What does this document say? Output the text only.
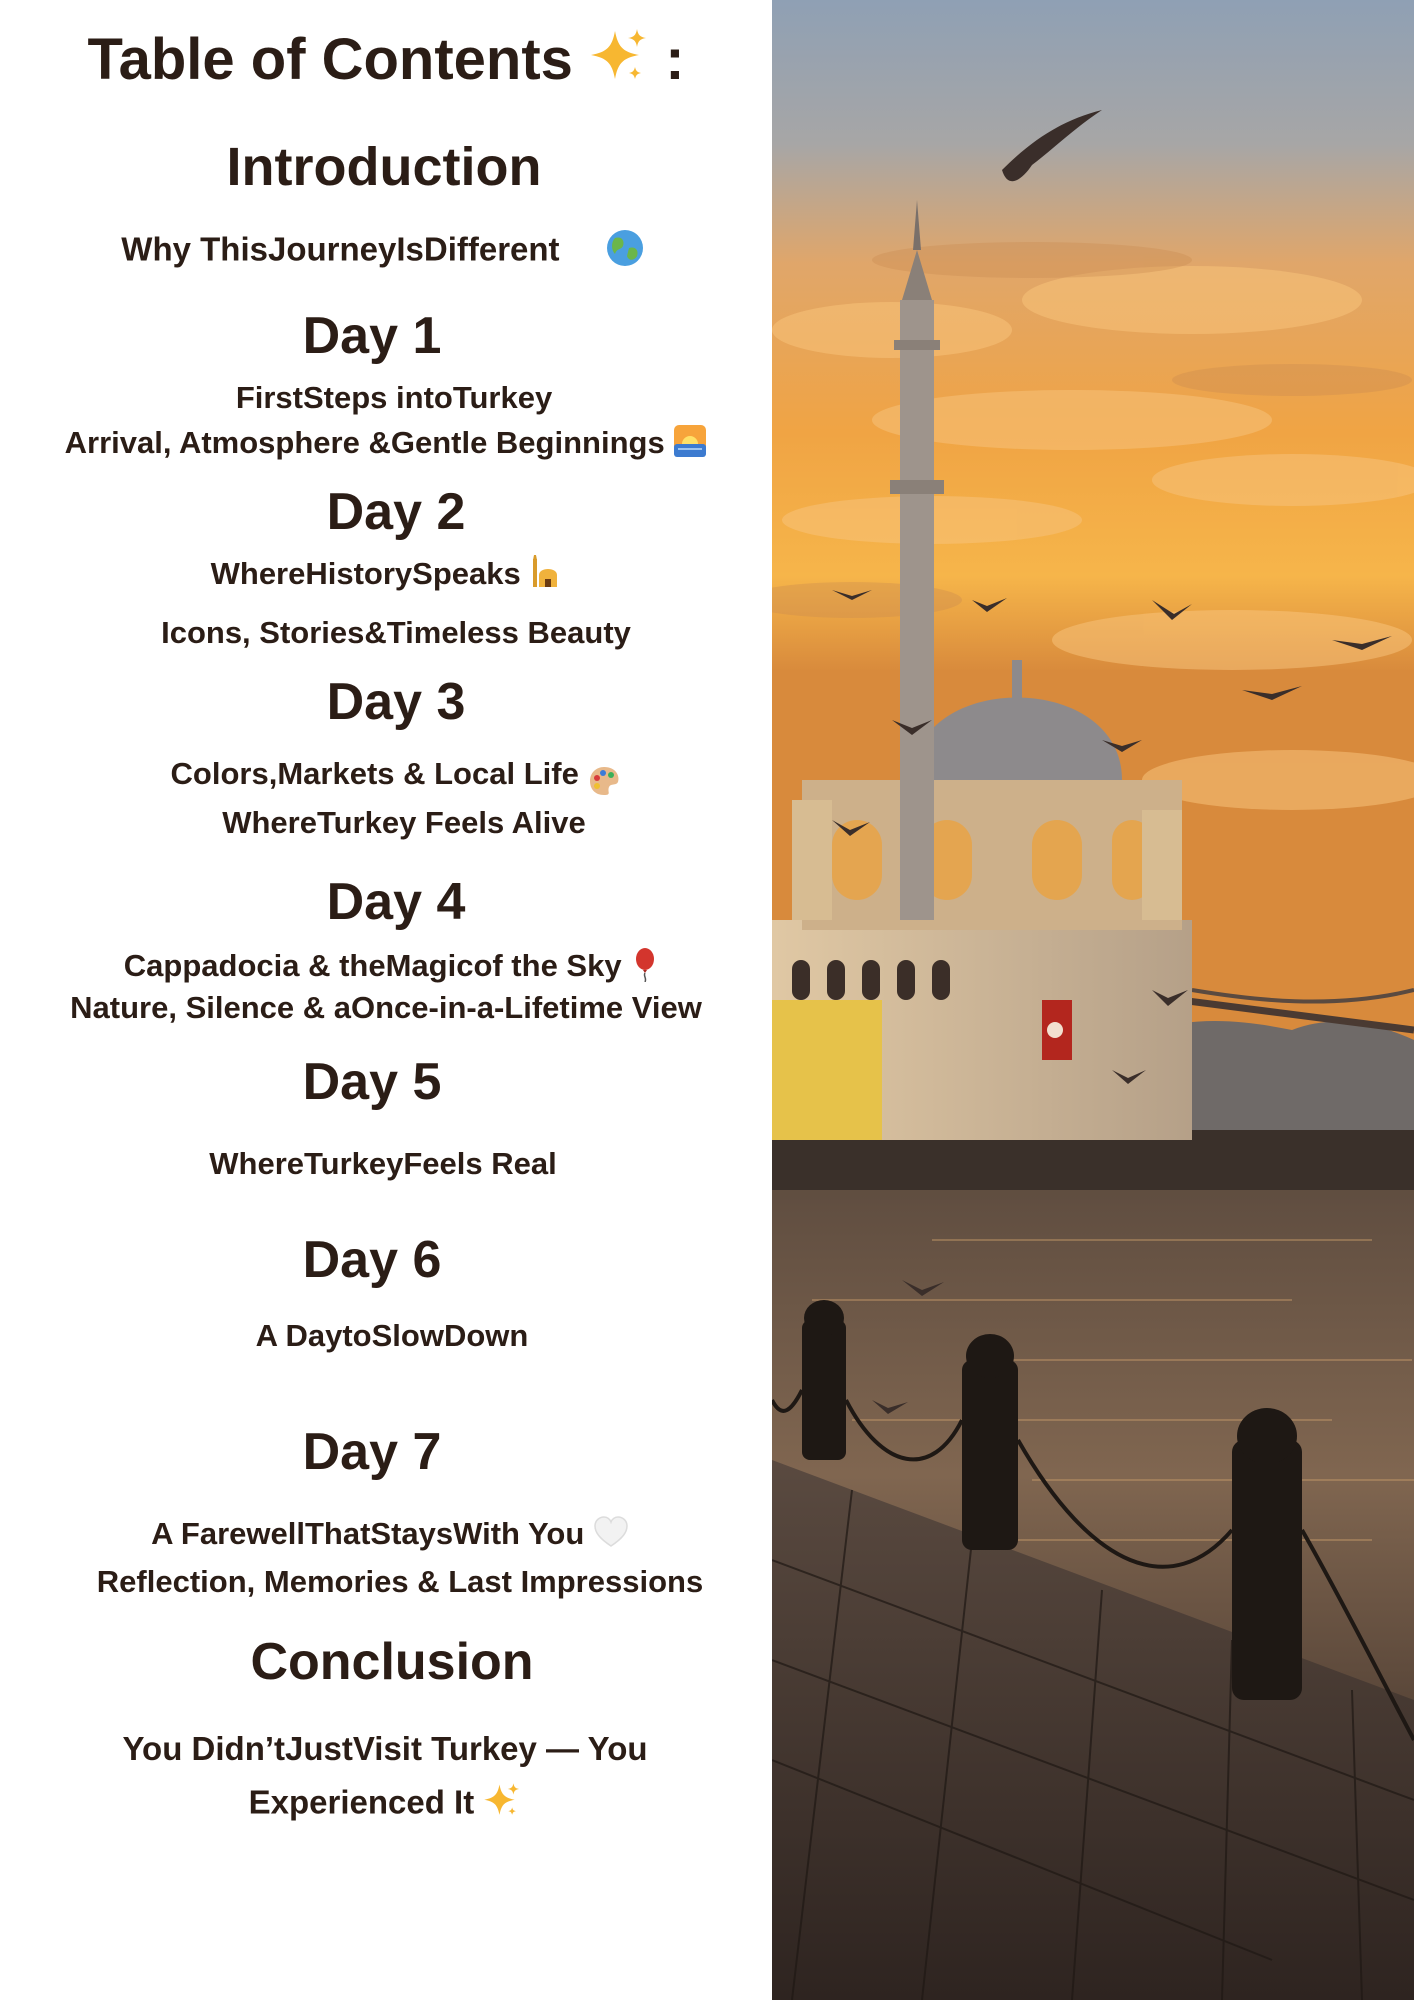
Table of Contents :
Introduction
Why ThisJourneyIsDifferent
Day 1
FirstSteps intoTurkey
Arrival, Atmosphere &Gentle Beginnings
Day 2
WhereHistorySpeaks
Icons, Stories&Timeless Beauty
Day 3
Colors,Markets & Local Life
WhereTurkey Feels Alive
Day 4
Cappadocia & theMagicof the Sky
Nature, Silence & aOnce-in-a-Lifetime View
Day 5
WhereTurkeyFeels Real
Day 6
A DaytoSlowDown
Day 7
A FarewellThatStaysWith You
Reflection, Memories & Last Impressions
Conclusion
You Didn’tJustVisit Turkey — You
Experienced It
